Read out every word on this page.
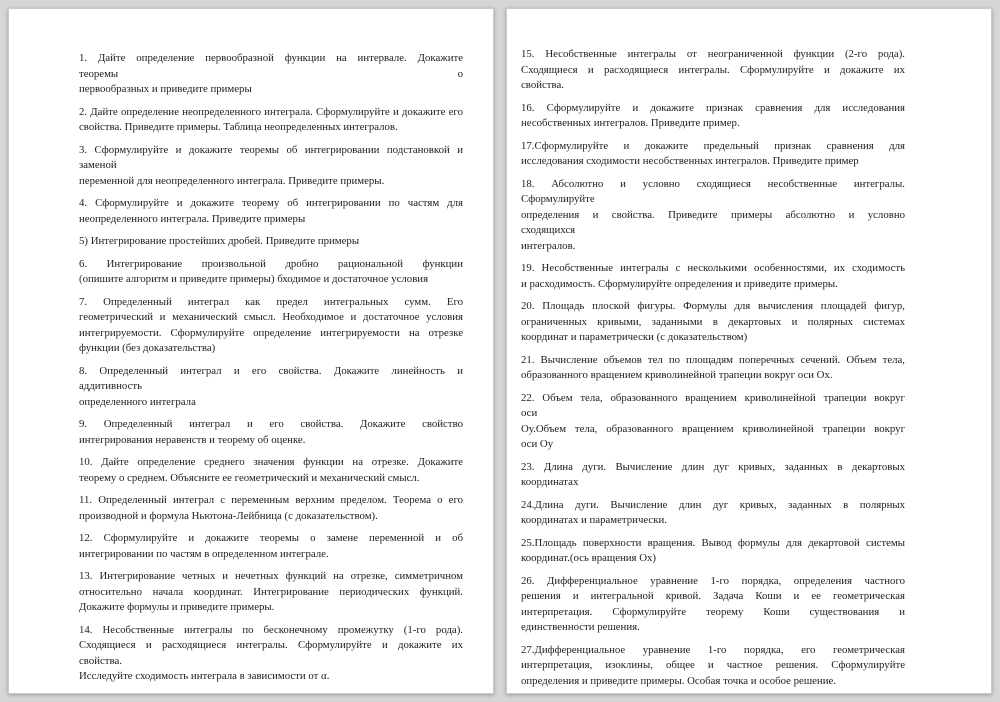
1. Дайте определение первообразной функции на интервале. Докажите
теоремы о
первообразных и приведите примеры
2. Дайте определение неопределенного интеграла. Сформулируйте и докажите его
свойства. Приведите примеры. Таблица неопределенных интегралов.
3. Сформулируйте и докажите теоремы об интегрировании подстановкой и заменой
переменной для неопределенного интеграла. Приведите примеры.
4. Сформулируйте и докажите теорему об интегрировании по частям для
неопределенного интеграла. Приведите примеры
5) Интегрирование простейших дробей. Приведите примеры
6. Интегрирование произвольной дробно рациональной функции
(опишите алгоритм и приведите примеры) бходимое и достаточное условия
7. Определенный интеграл как предел интегральных сумм. Его
геометрический и механический смысл. Необходимое и достаточное условия
интегрируемости. Сформулируйте определение интегрируемости на отрезке
функции (без доказательства)
8. Определенный интеграл и его свойства. Докажите линейность и
аддитивность
определенного интеграла
9. Определенный интеграл и его свойства. Докажите свойство
интегрирования неравенств и теорему об оценке.
10. Дайте определение среднего значения функции на отрезке. Докажите
теорему о среднем. Объясните ее геометрический и механический смысл.
11. Определенный интеграл с переменным верхним пределом. Теорема о его
производной и формула Ньютона-Лейбница (с доказательством).
12. Сформулируйте и докажите теоремы о замене переменной и об
интегрировании по частям в определенном интеграле.
13. Интегрирование четных и нечетных функций на отрезке, симметричном
относительно начала координат. Интегрирование периодических функций.
Докажите формулы и приведите примеры.
14. Несобственные интегралы по бесконечному промежутку (1-го рода).
Сходящиеся и расходящиеся интегралы. Сформулируйте и докажите их
свойства.
Исследуйте сходимость интеграла в зависимости от α.
15. Несобственные интегралы от неограниченной функции (2-го рода).
Сходящиеся и расходящиеся интегралы. Сформулируйте и докажите их
свойства.
16. Сформулируйте и докажите признак сравнения для исследования
несобственных интегралов. Приведите пример.
17.Сформулируйте и докажите предельный признак сравнения для
исследования сходимости несобственных интегралов. Приведите пример
18. Абсолютно и условно сходящиеся несобственные интегралы.
Сформулируйте
определения и свойства. Приведите примеры абсолютно и условно
сходящихся
интегралов.
19. Несобственные интегралы с несколькими особенностями, их сходимость
и расходимость. Сформулируйте определения и приведите примеры.
20. Площадь плоской фигуры. Формулы для вычисления площадей фигур,
ограниченных кривыми, заданными в декартовых и полярных системах
координат и параметрически (с доказательством)
21. Вычисление объемов тел по площадям поперечных сечений. Объем тела,
образованного вращением криволинейной трапеции вокруг оси Ох.
22. Объем тела, образованного вращением криволинейной трапеции вокруг
оси
Оу.Объем тела, образованного вращением криволинейной трапеции вокруг
оси Оу
23. Длина дуги. Вычисление длин дуг кривых, заданных в декартовых
координатах
24.Длина дуги. Вычисление длин дуг кривых, заданных в полярных
координатах и параметрически.
25.Площадь поверхности вращения. Вывод формулы для декартовой системы
координат.(ось вращения Ох)
26. Дифференциальное уравнение 1-го порядка, определения частного
решения и интегральной кривой. Задача Коши и ее геометрическая
интерпретация. Сформулируйте теорему Коши существования и
единственности решения.
27.Дифференциальное уравнение 1-го порядка, его геометрическая
интерпретация, изоклины, общее и частное решения. Сформулируйте
определения и приведите примеры. Особая точка и особое решение.
